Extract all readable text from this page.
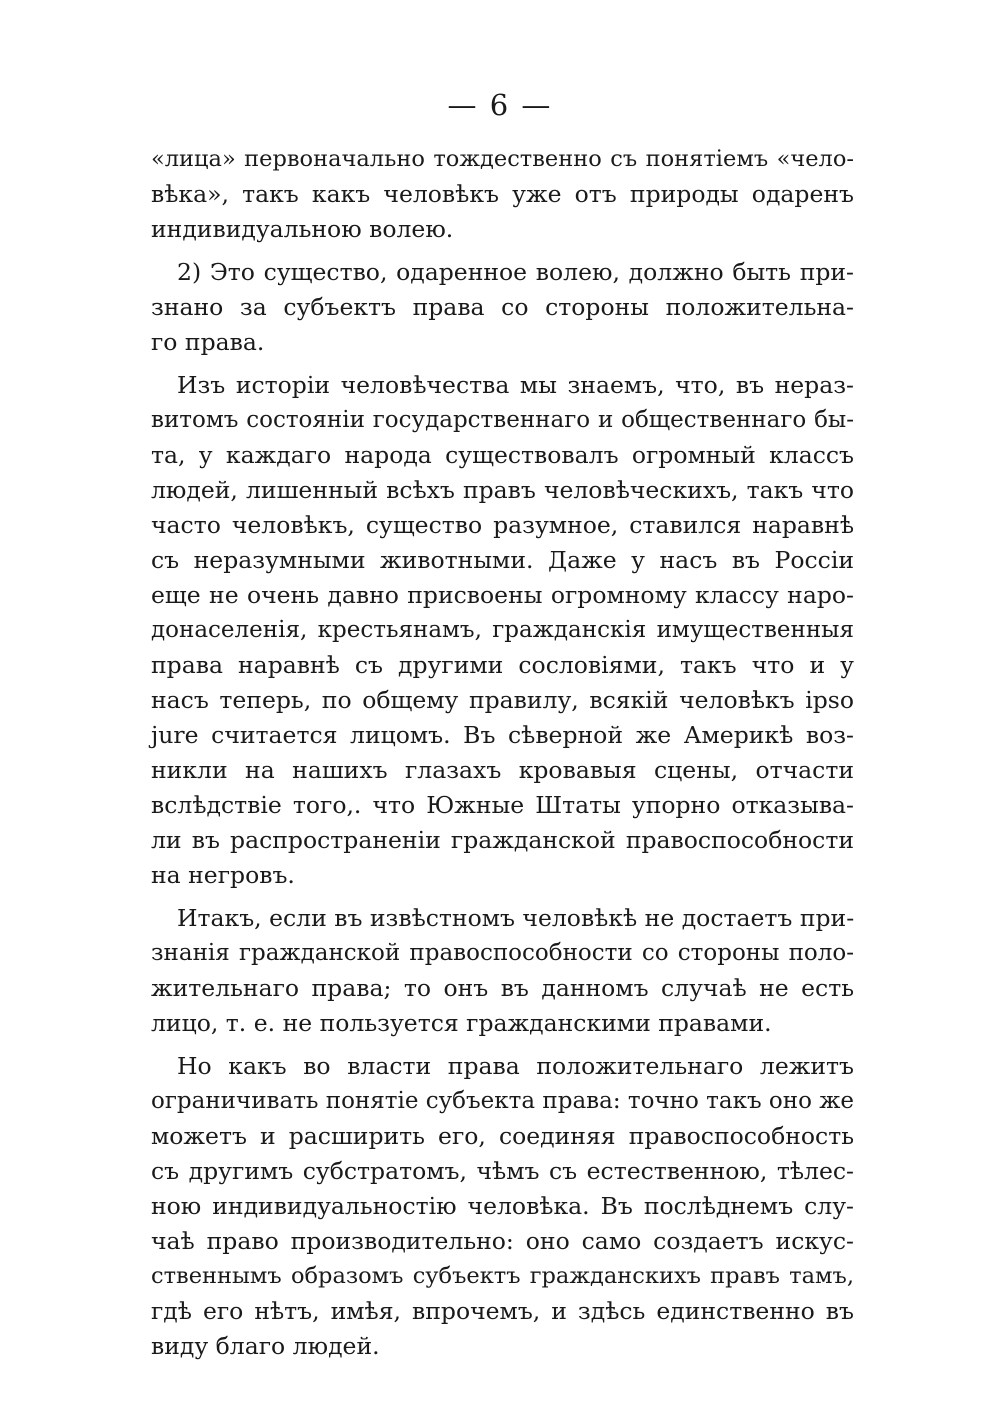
— 6 —
«лица» первоначально тождественно съ понятіемъ «чело-
вѣка», такъ какъ человѣкъ уже отъ природы одаренъ
индивидуальною волею.
2) Это существо, одаренное волею, должно быть при-
знано за субъектъ права со стороны положительна-
го права.
Изъ исторіи человѣчества мы знаемъ, что, въ нераз-
витомъ состояніи государственнаго и общественнаго бы-
та, у каждаго народа существовалъ огромный классъ
людей, лишенный всѣхъ правъ человѣческихъ, такъ что
часто человѣкъ, существо разумное, ставился наравнѣ
съ неразумными животными. Даже у насъ въ Россіи
еще не очень давно присвоены огромному классу наро-
донаселенія, крестьянамъ, гражданскія имущественныя
права наравнѣ съ другими сословіями, такъ что и у
насъ теперь, по общему правилу, всякій человѣкъ ipso
jure считается лицомъ. Въ сѣверной же Америкѣ воз-
никли на нашихъ глазахъ кровавыя сцены, отчасти
вслѣдствіе того,. что Южные Штаты упорно отказыва-
ли въ распространеніи гражданской правоспособности
на негровъ.
Итакъ, если въ извѣстномъ человѣкѣ не достаетъ при-
знанія гражданской правоспособности со стороны поло-
жительнаго права; то онъ въ данномъ случаѣ не есть
лицо, т. е. не пользуется гражданскими правами.
Но какъ во власти права положительнаго лежитъ
ограничивать понятіе субъекта права: точно такъ оно же
можетъ и расширить его, соединяя правоспособность
съ другимъ субстратомъ, чѣмъ съ естественною, тѣлес-
ною индивидуальностію человѣка. Въ послѣднемъ слу-
чаѣ право производительно: оно само создаетъ искус-
ственнымъ образомъ субъектъ гражданскихъ правъ тамъ,
гдѣ его нѣтъ, имѣя, впрочемъ, и здѣсь единственно въ
виду благо людей.
